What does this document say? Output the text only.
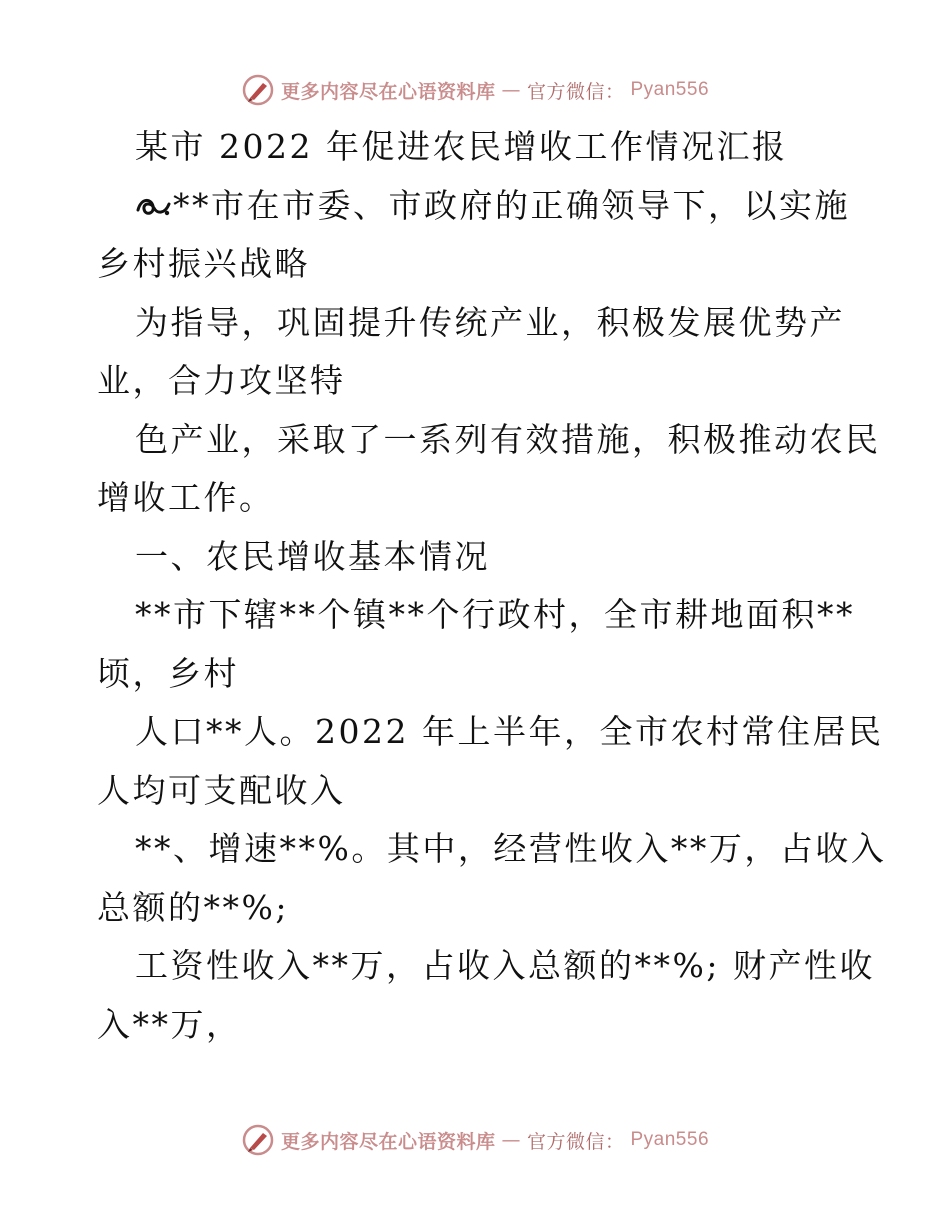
更多内容尽在心语资料库 — 官方微信： Pyan556
某市 2022 年促进农民增收工作情况汇报
**市在市委、市政府的正确领导下，以实施
乡村振兴战略
为指导，巩固提升传统产业，积极发展优势产
业，合力攻坚特
色产业，采取了一系列有效措施，积极推动农民
增收工作。
一、农民增收基本情况
**市下辖**个镇**个行政村，全市耕地面积**
顷，乡村
人口**人。2022 年上半年，全市农村常住居民
人均可支配收入
**、增速**%。其中，经营性收入**万，占收入
总额的**%;
工资性收入**万，占收入总额的**%; 财产性收
入**万，
更多内容尽在心语资料库 — 官方微信： Pyan556
